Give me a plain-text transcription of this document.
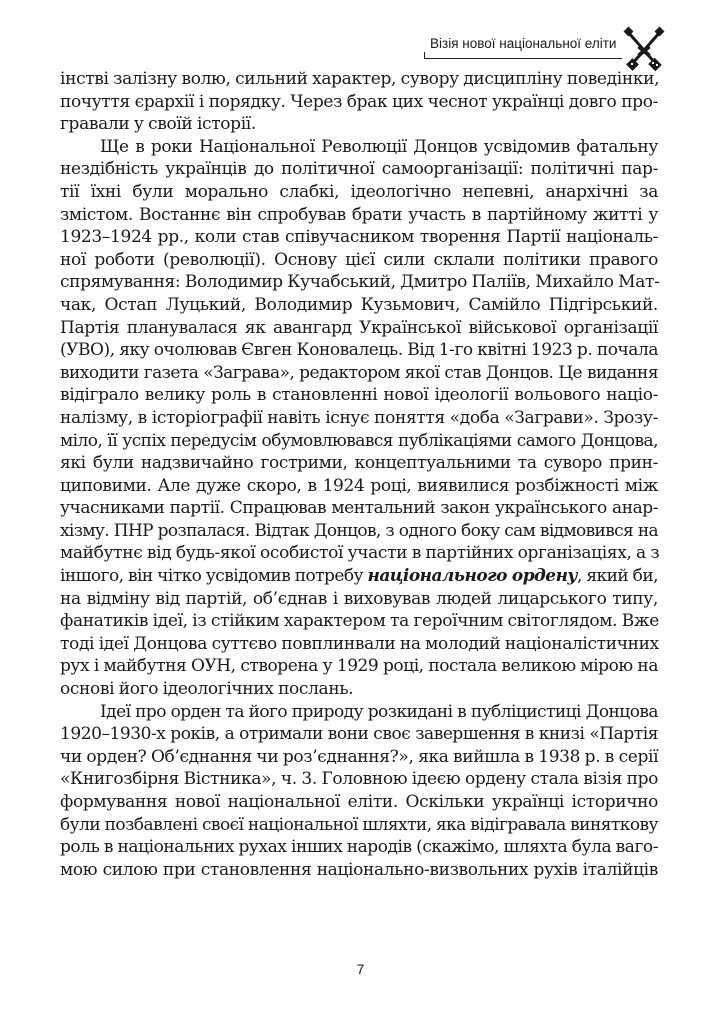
Візія нової національної еліти
інстві залізну волю, сильний характер, сувору дисципліну поведінки,
почуття єрархії і порядку. Через брак цих чеснот українці довго про-
гравали у своїй історії.
Ще в роки Національної Революції Донцов усвідомив фатальну
нездібність українців до політичної самоорганізації: політичні пар-
тії їхні були морально слабкі, ідеологічно непевні, анархічні за
змістом. Востаннє він спробував брати участь в партійному житті у
1923–1924 рр., коли став співучасником творення Партії національ-
ної роботи (революції). Основу цієї сили склали політики правого
спрямування: Володимир Кучабський, Дмитро Паліїв, Михайло Мат-
чак, Остап Луцький, Володимир Кузьмович, Самійло Підгірський.
Партія планувалася як авангард Української військової організації
(УВО), яку очолював Євген Коновалець. Від 1-го квітні 1923 р. почала
виходити газета «Заграва», редактором якої став Донцов. Це видання
відіграло велику роль в становленні нової ідеології вольового націо-
налізму, в історіографії навіть існує поняття «доба «Заграви». Зрозу-
міло, її успіх передусім обумовлювався публікаціями самого Донцова,
які були надзвичайно гострими, концептуальними та суворо прин-
циповими. Але дуже скоро, в 1924 році, виявилися розбіжності між
учасниками партії. Спрацював ментальний закон українського анар-
хізму. ПНР розпалася. Відтак Донцов, з одного боку сам відмовився на
майбутнє від будь-якої особистої участи в партійних організаціях, а з
іншого, він чітко усвідомив потребу національного ордену, який би,
на відміну від партій, об’єднав і виховував людей лицарського типу,
фанатиків ідеї, із стійким характером та героїчним світоглядом. Вже
тоді ідеї Донцова суттєво повплинвали на молодий націоналістичних
рух і майбутня ОУН, створена у 1929 році, постала великою мірою на
основі його ідеологічних послань.
Ідеї про орден та його природу розкидані в публіцистиці Донцова
1920–1930-х років, а отримали вони своє завершення в книзі «Партія
чи орден? Об’єднання чи роз’єднання?», яка вийшла в 1938 р. в серії
«Книгозбірня Вістника», ч. 3. Головною ідеєю ордену стала візія про
формування нової національної еліти. Оскільки українці історично
були позбавлені своєї національної шляхти, яка відігравала виняткову
роль в національних рухах інших народів (скажімо, шляхта була ваго-
мою силою при становлення національно-визвольних рухів італійців
7
